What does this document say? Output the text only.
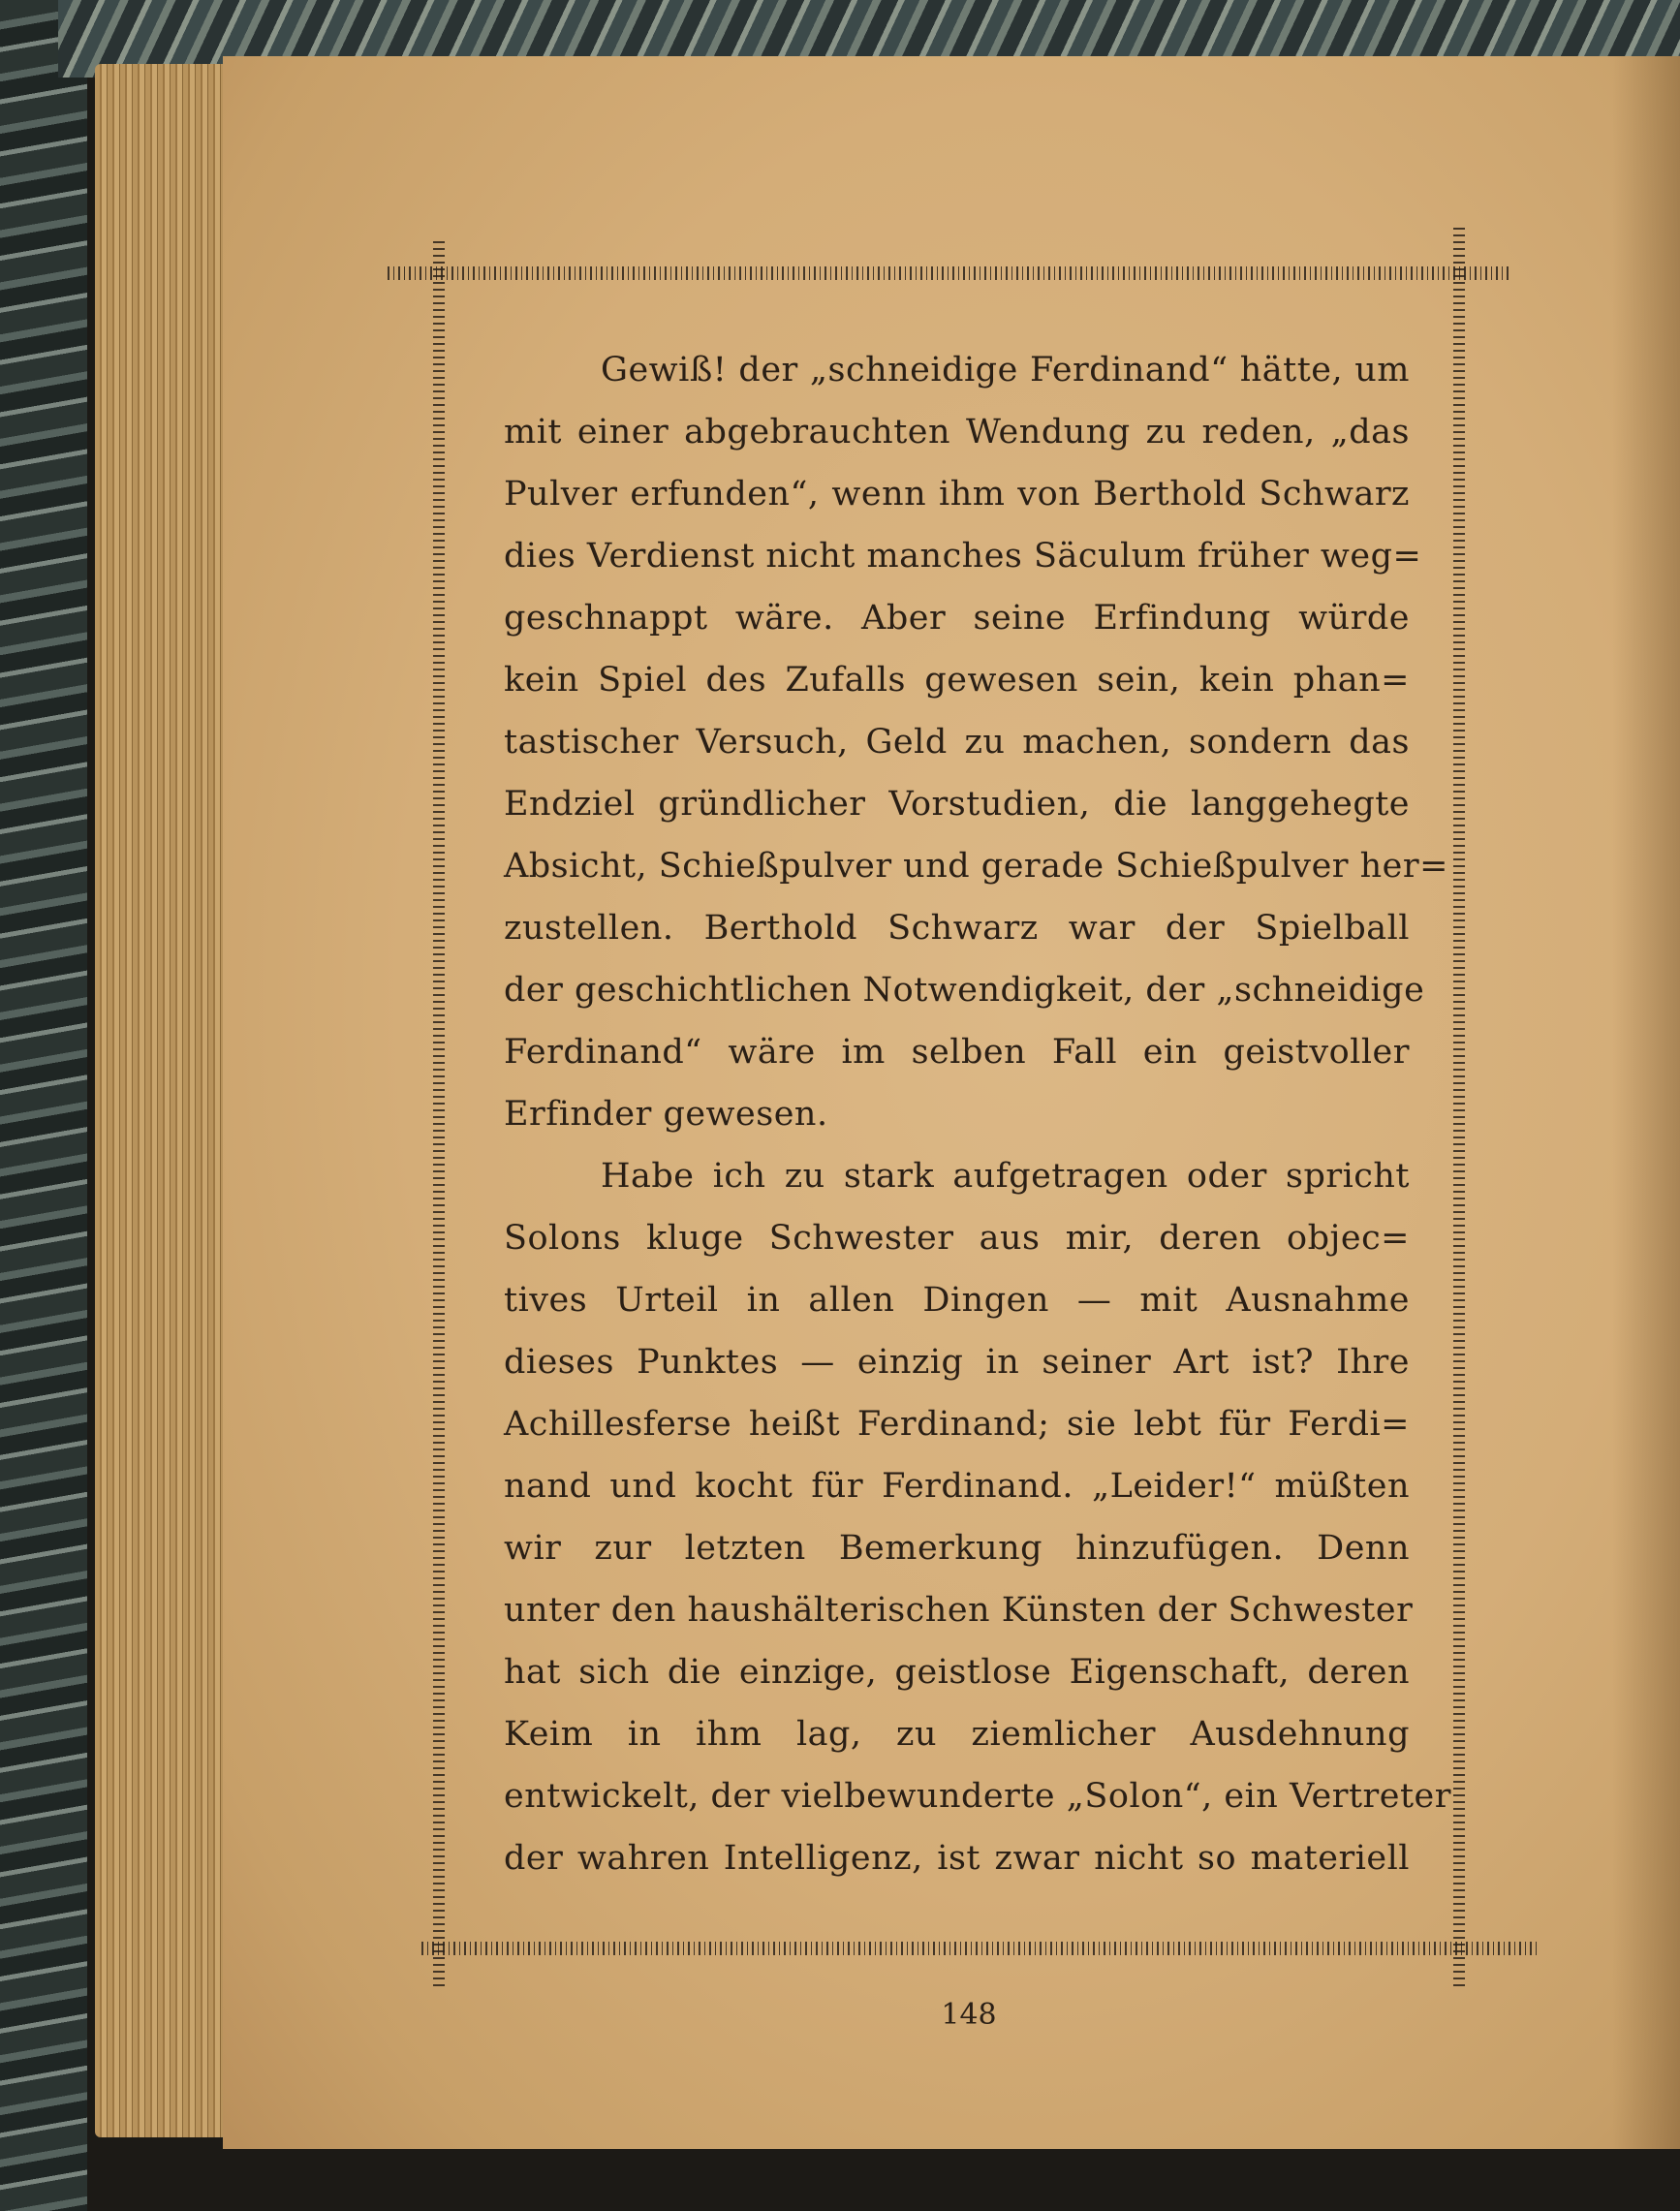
Gewiß! der „schneidige Ferdinand“ hätte, um
mit einer abgebrauchten Wendung zu reden, „das
Pulver erfunden“, wenn ihm von Berthold Schwarz
dies Verdienst nicht manches Säculum früher weg=
geschnappt wäre. Aber seine Erfindung würde
kein Spiel des Zufalls gewesen sein, kein phan=
tastischer Versuch, Geld zu machen, sondern das
Endziel gründlicher Vorstudien, die langgehegte
Absicht, Schießpulver und gerade Schießpulver her=
zustellen. Berthold Schwarz war der Spielball
der geschichtlichen Notwendigkeit, der „schneidige
Ferdinand“ wäre im selben Fall ein geistvoller
Erfinder gewesen.
Habe ich zu stark aufgetragen oder spricht
Solons kluge Schwester aus mir, deren objec=
tives Urteil in allen Dingen — mit Ausnahme
dieses Punktes — einzig in seiner Art ist? Ihre
Achillesferse heißt Ferdinand; sie lebt für Ferdi=
nand und kocht für Ferdinand. „Leider!“ müßten
wir zur letzten Bemerkung hinzufügen. Denn
unter den haushälterischen Künsten der Schwester
hat sich die einzige, geistlose Eigenschaft, deren
Keim in ihm lag, zu ziemlicher Ausdehnung
entwickelt, der vielbewunderte „Solon“, ein Vertreter
der wahren Intelligenz, ist zwar nicht so materiell
148
